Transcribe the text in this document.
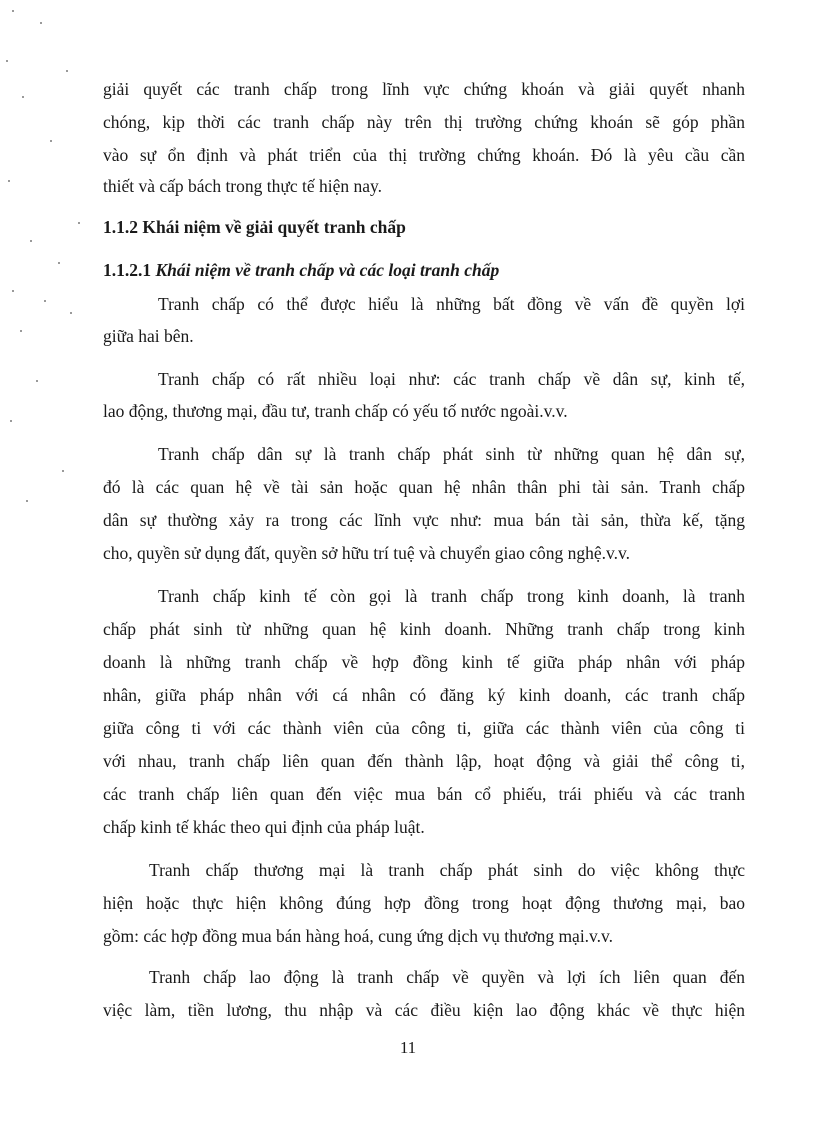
giải quyết các tranh chấp trong lĩnh vực chứng khoán và giải quyết nhanh
chóng, kịp thời các tranh chấp này trên thị trường chứng khoán sẽ góp phần
vào sự ổn định và phát triển của thị trường chứng khoán. Đó là yêu cầu cần
thiết và cấp bách trong thực tế hiện nay.
1.1.2 Khái niệm về giải quyết tranh chấp
1.1.2.1 Khái niệm về tranh chấp và các loại tranh chấp
Tranh chấp có thể được hiểu là những bất đồng về vấn đề quyền lợi
giữa hai bên.
Tranh chấp có rất nhiều loại như: các tranh chấp về dân sự, kinh tế,
lao động, thương mại, đầu tư, tranh chấp có yếu tố nước ngoài.v.v.
Tranh chấp dân sự là tranh chấp phát sinh từ những quan hệ dân sự,
đó là các quan hệ về tài sản hoặc quan hệ nhân thân phi tài sản. Tranh chấp
dân sự thường xảy ra trong các lĩnh vực như: mua bán tài sản, thừa kế, tặng
cho, quyền sử dụng đất, quyền sở hữu trí tuệ và chuyển giao công nghệ.v.v.
Tranh chấp kinh tế còn gọi là tranh chấp trong kinh doanh, là tranh
chấp phát sinh từ những quan hệ kinh doanh. Những tranh chấp trong kinh
doanh là những tranh chấp về hợp đồng kinh tế giữa pháp nhân với pháp
nhân, giữa pháp nhân với cá nhân có đăng ký kinh doanh, các tranh chấp
giữa công ti với các thành viên của công ti, giữa các thành viên của công ti
với nhau, tranh chấp liên quan đến thành lập, hoạt động và giải thể công ti,
các tranh chấp liên quan đến việc mua bán cổ phiếu, trái phiếu và các tranh
chấp kinh tế khác theo qui định của pháp luật.
Tranh chấp thương mại là tranh chấp phát sinh do việc không thực
hiện hoặc thực hiện không đúng hợp đồng trong hoạt động thương mại, bao
gồm: các hợp đồng mua bán hàng hoá, cung ứng dịch vụ thương mại.v.v.
Tranh chấp lao động là tranh chấp về quyền và lợi ích liên quan đến
việc làm, tiền lương, thu nhập và các điều kiện lao động khác về thực hiện
11
